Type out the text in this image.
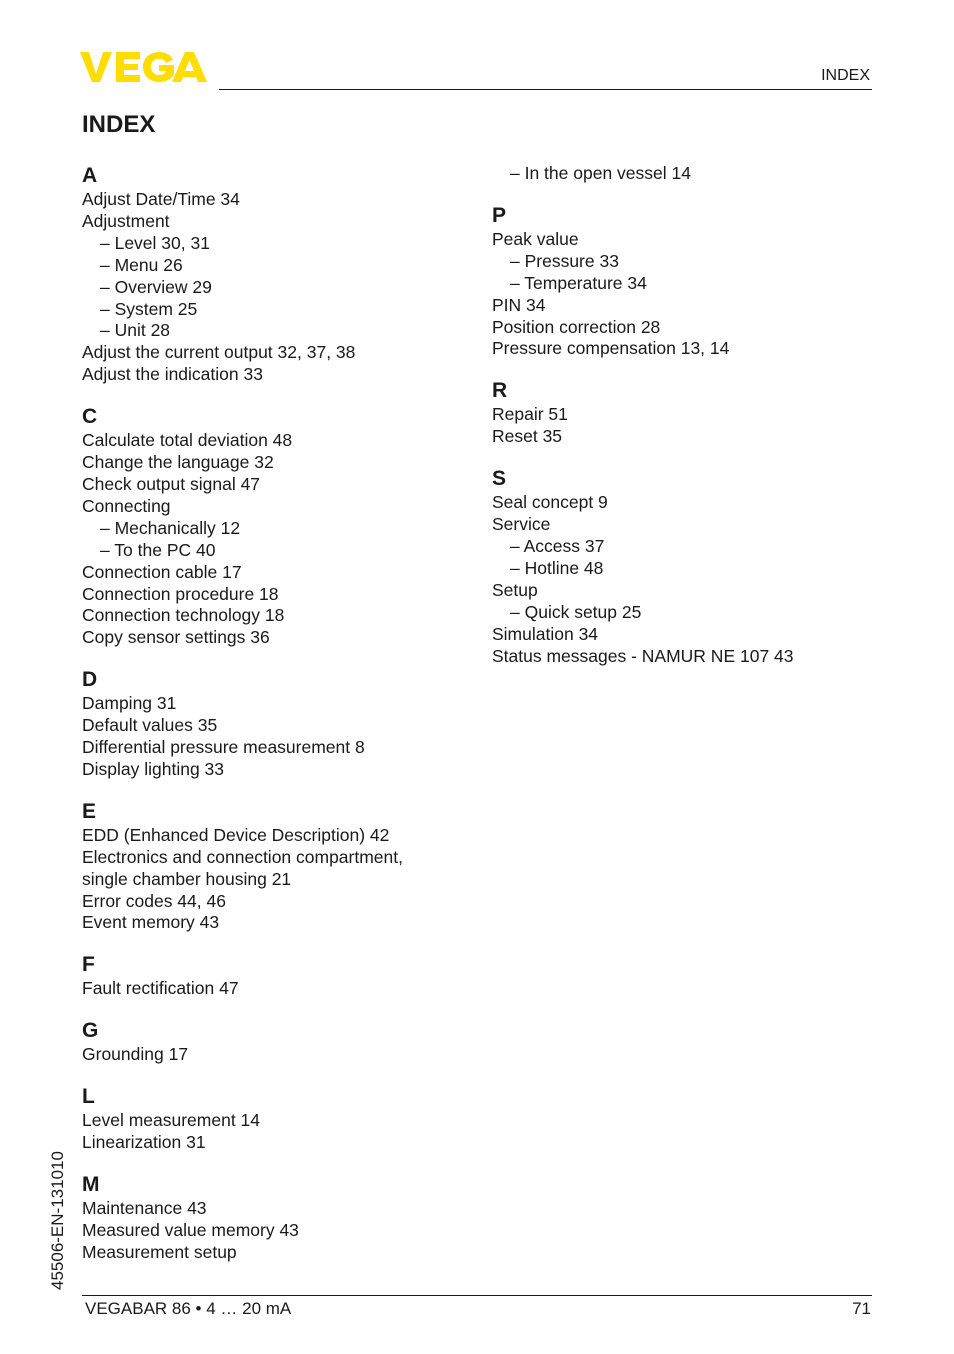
INDEX
INDEX
A
Adjust Date/Time 34
Adjustment
– Level 30, 31
– Menu 26
– Overview 29
– System 25
– Unit 28
Adjust the current output 32, 37, 38
Adjust the indication 33
C
Calculate total deviation 48
Change the language 32
Check output signal 47
Connecting
– Mechanically 12
– To the PC 40
Connection cable 17
Connection procedure 18
Connection technology 18
Copy sensor settings 36
D
Damping 31
Default values 35
Differential pressure measurement 8
Display lighting 33
E
EDD (Enhanced Device Description) 42
Electronics and connection compartment,
single chamber housing 21
Error codes 44, 46
Event memory 43
F
Fault rectification 47
G
Grounding 17
L
Level measurement 14
Linearization 31
M
Maintenance 43
Measured value memory 43
Measurement setup
– In the open vessel 14
P
Peak value
– Pressure 33
– Temperature 34
PIN 34
Position correction 28
Pressure compensation 13, 14
R
Repair 51
Reset 35
S
Seal concept 9
Service
– Access 37
– Hotline 48
Setup
– Quick setup 25
Simulation 34
Status messages - NAMUR NE 107 43
45506-EN-131010
VEGABAR 86 • 4 … 20 mA	71
